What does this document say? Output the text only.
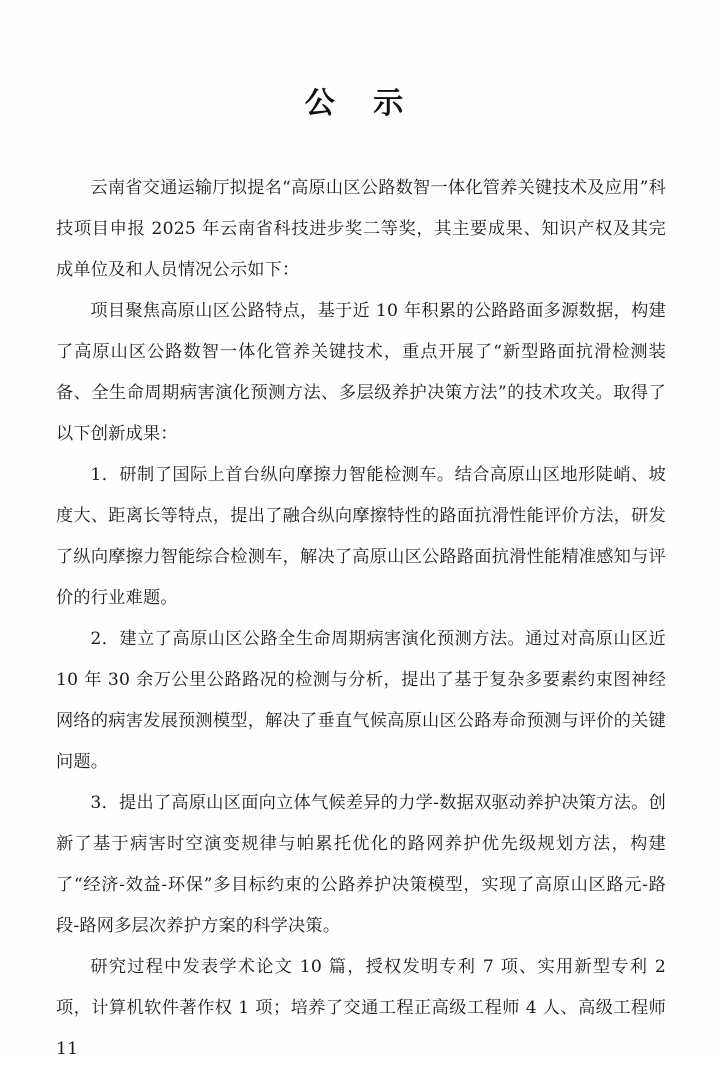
公 示

云南省交通运输厅拟提名“高原山区公路数智一体化管养关键技术及应用”科技项目申报 2025 年云南省科技进步奖二等奖，其主要成果、知识产权及其完成单位及和人员情况公示如下：

项目聚焦高原山区公路特点，基于近 10 年积累的公路路面多源数据，构建了高原山区公路数智一体化管养关键技术，重点开展了“新型路面抗滑检测装备、全生命周期病害演化预测方法、多层级养护决策方法”的技术攻关。取得了以下创新成果：

1．研制了国际上首台纵向摩擦力智能检测车。结合高原山区地形陡峭、坡度大、距离长等特点，提出了融合纵向摩擦特性的路面抗滑性能评价方法，研发了纵向摩擦力智能综合检测车，解决了高原山区公路路面抗滑性能精准感知与评价的行业难题。

2．建立了高原山区公路全生命周期病害演化预测方法。通过对高原山区近 10 年 30 余万公里公路路况的检测与分析，提出了基于复杂多要素约束图神经网络的病害发展预测模型，解决了垂直气候高原山区公路寿命预测与评价的关键问题。

3．提出了高原山区面向立体气候差异的力学-数据双驱动养护决策方法。创新了基于病害时空演变规律与帕累托优化的路网养护优先级规划方法，构建了“经济-效益-环保”多目标约束的公路养护决策模型，实现了高原山区路元-路段-路网多层次养护方案的科学决策。

研究过程中发表学术论文 10 篇，授权发明专利 7 项、实用新型专利 2 项，计算机软件著作权 1 项；培养了交通工程正高级工程师 4 人、高级工程师 11
